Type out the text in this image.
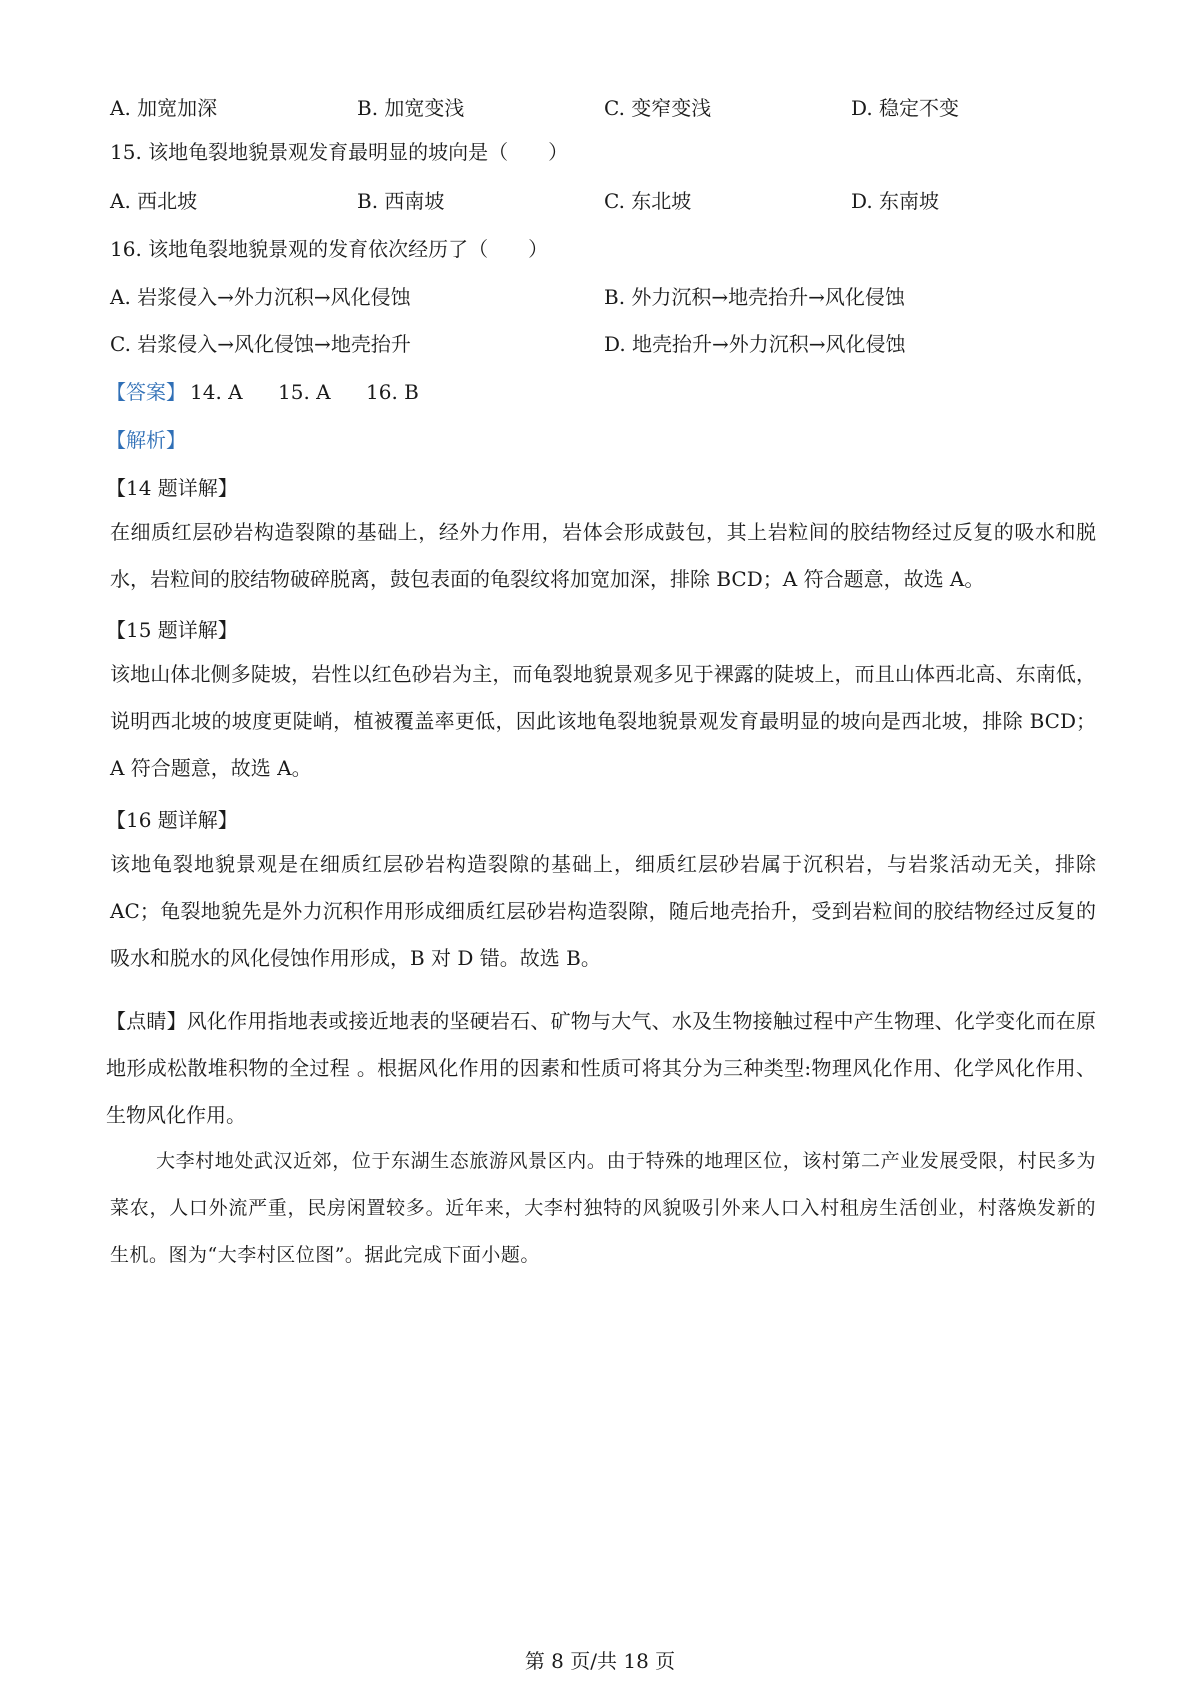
A. 加宽加深	B. 加宽变浅	C. 变窄变浅	D. 稳定不变
15. 该地龟裂地貌景观发育最明显的坡向是（　　）
A. 西北坡	B. 西南坡	C. 东北坡	D. 东南坡
16. 该地龟裂地貌景观的发育依次经历了（　　）
A. 岩浆侵入→外力沉积→风化侵蚀	B. 外力沉积→地壳抬升→风化侵蚀
C. 岩浆侵入→风化侵蚀→地壳抬升	D. 地壳抬升→外力沉积→风化侵蚀
【答案】 14. A 15. A 16. B
【解析】
【14 题详解】
在细质红层砂岩构造裂隙的基础上，经外力作用，岩体会形成鼓包，其上岩粒间的胶结物经过反复的吸水和脱水，岩粒间的胶结物破碎脱离，鼓包表面的龟裂纹将加宽加深，排除 BCD；A 符合题意，故选 A。
【15 题详解】
该地山体北侧多陡坡，岩性以红色砂岩为主，而龟裂地貌景观多见于裸露的陡坡上，而且山体西北高、东南低，说明西北坡的坡度更陡峭，植被覆盖率更低，因此该地龟裂地貌景观发育最明显的坡向是西北坡，排除 BCD；A 符合题意，故选 A。
【16 题详解】
该地龟裂地貌景观是在细质红层砂岩构造裂隙的基础上，细质红层砂岩属于沉积岩，与岩浆活动无关，排除 AC；龟裂地貌先是外力沉积作用形成细质红层砂岩构造裂隙，随后地壳抬升，受到岩粒间的胶结物经过反复的吸水和脱水的风化侵蚀作用形成，B 对 D 错。故选 B。
【点睛】风化作用指地表或接近地表的坚硬岩石、矿物与大气、水及生物接触过程中产生物理、化学变化而在原地形成松散堆积物的全过程 。根据风化作用的因素和性质可将其分为三种类型:物理风化作用、化学风化作用、生物风化作用。
大李村地处武汉近郊，位于东湖生态旅游风景区内。由于特殊的地理区位，该村第二产业发展受限，村民多为菜农，人口外流严重，民房闲置较多。近年来，大李村独特的风貌吸引外来人口入村租房生活创业，村落焕发新的生机。图为“大李村区位图”。据此完成下面小题。
第 8 页/共 18 页
